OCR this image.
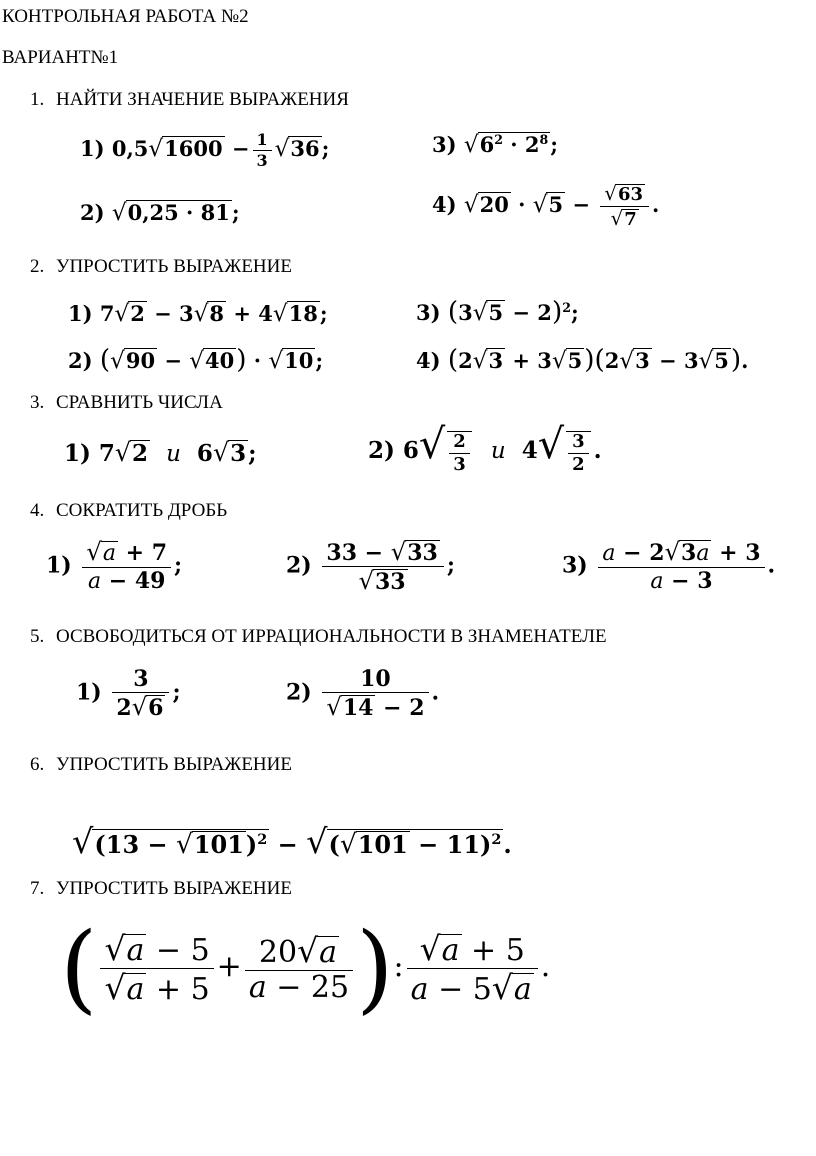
КОНТРОЛЬНАЯ РАБОТА №2
ВАРИАНТ№1
1. НАЙТИ ЗНАЧЕНИЕ ВЫРАЖЕНИЯ
1) $0,5√1600 - \frac{1}{3} √36$;	3) $√6^2 \cdot 2^8$;
2) √0,25 · 81;	4) $√20 \cdot √5 - \frac{√63}{√7}$ .
2. УПРОСТИТЬ ВЫРАЖЕНИЕ
1) 7√2 − 3√8 + 4√18;	3) $(3√5 - 2)^2$;
2) (√90 − √40) · √10;	4) (2√3 + 3√5)(2√3 − 3√5).
3. СРАВНИТЬ ЧИСЛА
1) 7√2 и 6√3;	2) $6√ \frac{2}{3}$ и $4√ \frac{3}{2}$ .
4. СОКРАТИТЬ ДРОБЬ
$1) \frac{√a + 7}{a - 49}$ ;	$2) \frac{33 - √33}{√33}$ ;	$3) \frac{a - 2√3a + 3}{a - 3}$ .
5. ОСВОБОДИТЬСЯ ОТ ИРРАЦИОНАЛЬНОСТИ В ЗНАМЕНАТЕЛЕ
$1) \frac{3}{2√6}$ ;	$2) \frac{10}{√14 - 2}$ .
6. УПРОСТИТЬ ВЫРАЖЕНИЕ
$√(13 - √101)^2 - √(√101 - 11)^2$.
7. УПРОСТИТЬ ВЫРАЖЕНИЕ
( $\frac{√a - 5}{√a + 5} + \frac{20√a}{a - 25}$ ): $\frac{√a + 5}{a - 5√a}$ .
